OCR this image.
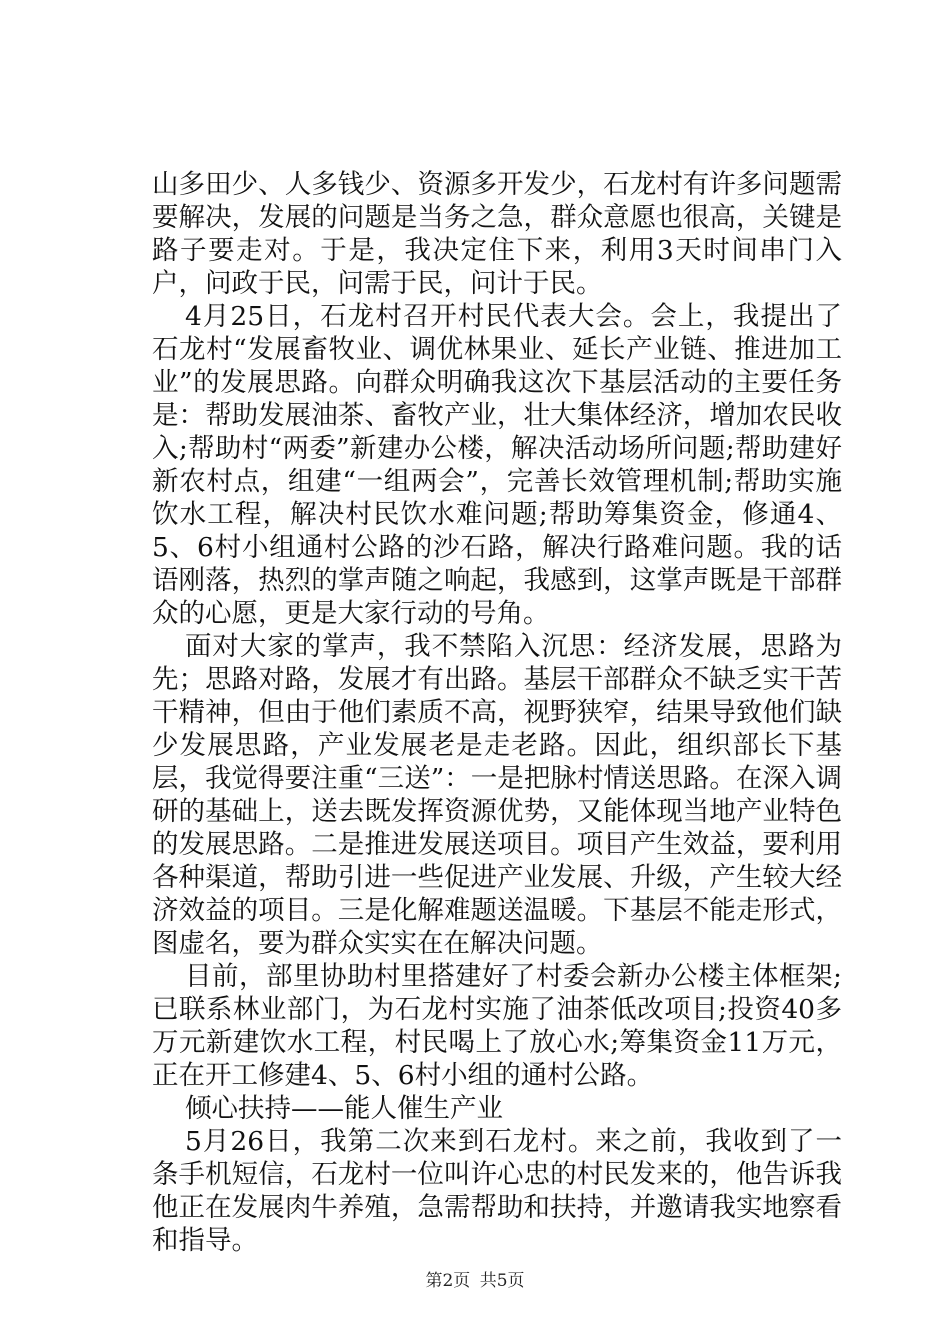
山多田少、人多钱少、资源多开发少，石龙村有许多问题需要解决，发展的问题是当务之急，群众意愿也很高，关键是路子要走对。于是，我决定住下来，利用3天时间串门入户，问政于民，问需于民，问计于民。

4月25日，石龙村召开村民代表大会。会上，我提出了石龙村“发展畜牧业、调优林果业、延长产业链、推进加工业”的发展思路。向群众明确我这次下基层活动的主要任务是：帮助发展油茶、畜牧产业，壮大集体经济，增加农民收入;帮助村“两委”新建办公楼，解决活动场所问题;帮助建好新农村点，组建“一组两会”，完善长效管理机制;帮助实施饮水工程，解决村民饮水难问题;帮助筹集资金，修通4、5、6村小组通村公路的沙石路，解决行路难问题。我的话语刚落，热烈的掌声随之响起，我感到，这掌声既是干部群众的心愿，更是大家行动的号角。

面对大家的掌声，我不禁陷入沉思：经济发展，思路为先；思路对路，发展才有出路。基层干部群众不缺乏实干苦干精神，但由于他们素质不高，视野狭窄，结果导致他们缺少发展思路，产业发展老是走老路。因此，组织部长下基层，我觉得要注重“三送”：一是把脉村情送思路。在深入调研的基础上，送去既发挥资源优势，又能体现当地产业特色的发展思路。二是推进发展送项目。项目产生效益，要利用各种渠道，帮助引进一些促进产业发展、升级，产生较大经济效益的项目。三是化解难题送温暖。下基层不能走形式，图虚名，要为群众实实在在解决问题。

目前，部里协助村里搭建好了村委会新办公楼主体框架;已联系林业部门，为石龙村实施了油茶低改项目;投资40多万元新建饮水工程，村民喝上了放心水;筹集资金11万元，正在开工修建4、5、6村小组的通村公路。

倾心扶持——能人催生产业

5月26日，我第二次来到石龙村。来之前，我收到了一条手机短信，石龙村一位叫许心忠的村民发来的，他告诉我他正在发展肉牛养殖，急需帮助和扶持，并邀请我实地察看和指导。

第2页 共5页
